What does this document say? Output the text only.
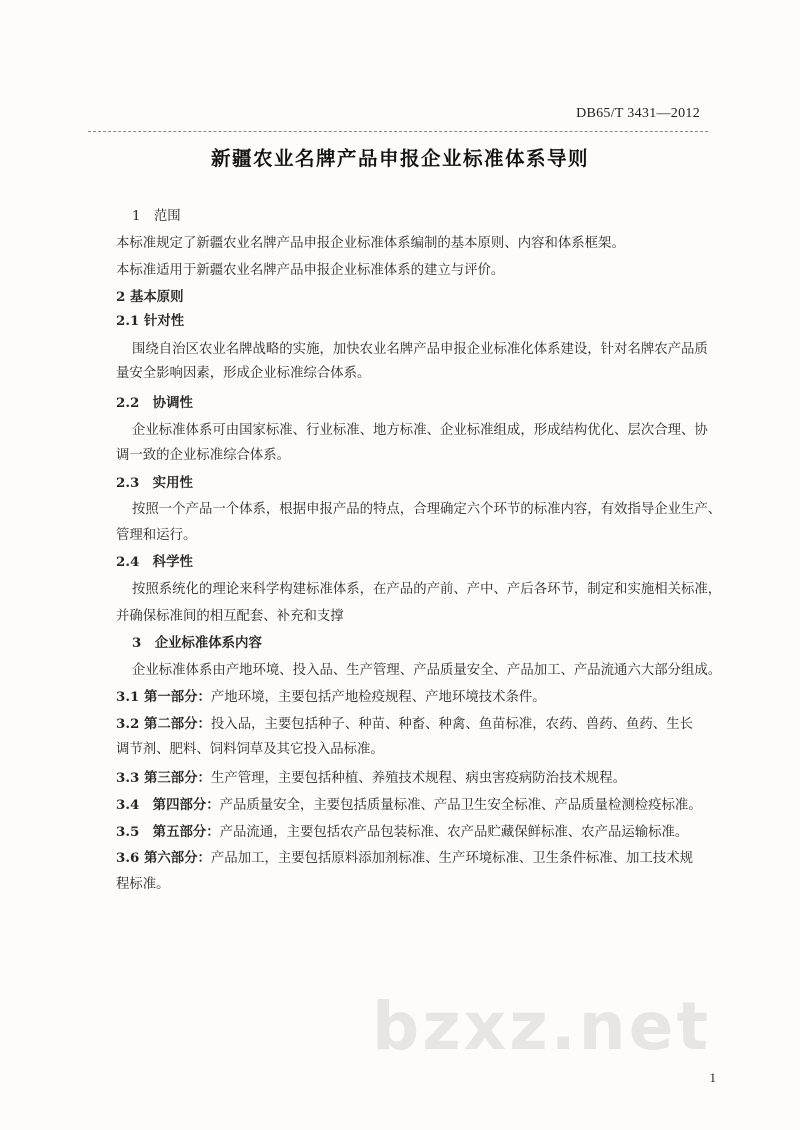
DB65/T 3431—2012
新疆农业名牌产品申报企业标准体系导则
1　范围
本标准规定了新疆农业名牌产品申报企业标准体系编制的基本原则、内容和体系框架。
本标准适用于新疆农业名牌产品申报企业标准体系的建立与评价。
2 基本原则
2.1 针对性
围绕自治区农业名牌战略的实施，加快农业名牌产品申报企业标准化体系建设，针对名牌农产品质
量安全影响因素，形成企业标准综合体系。
2.2　协调性
企业标准体系可由国家标准、行业标准、地方标准、企业标准组成，形成结构优化、层次合理、协
调一致的企业标准综合体系。
2.3　实用性
按照一个产品一个体系，根据申报产品的特点，合理确定六个环节的标准内容，有效指导企业生产、
管理和运行。
2.4　科学性
按照系统化的理论来科学构建标准体系，在产品的产前、产中、产后各环节，制定和实施相关标准，
并确保标准间的相互配套、补充和支撑
3　企业标准体系内容
企业标准体系由产地环境、投入品、生产管理、产品质量安全、产品加工、产品流通六大部分组成。
3.1 第一部分：产地环境，主要包括产地检疫规程、产地环境技术条件。
3.2 第二部分：投入品，主要包括种子、种苗、种畜、种禽、鱼苗标准，农药、兽药、鱼药、生长
调节剂、肥料、饲料饲草及其它投入品标准。
3.3 第三部分：生产管理，主要包括种植、养殖技术规程、病虫害疫病防治技术规程。
3.4　第四部分：产品质量安全，主要包括质量标准、产品卫生安全标准、产品质量检测检疫标准。
3.5　第五部分：产品流通，主要包括农产品包装标准、农产品贮藏保鲜标准、农产品运输标准。
3.6 第六部分：产品加工，主要包括原料添加剂标准、生产环境标准、卫生条件标准、加工技术规
程标准。
bzxz.net
1
